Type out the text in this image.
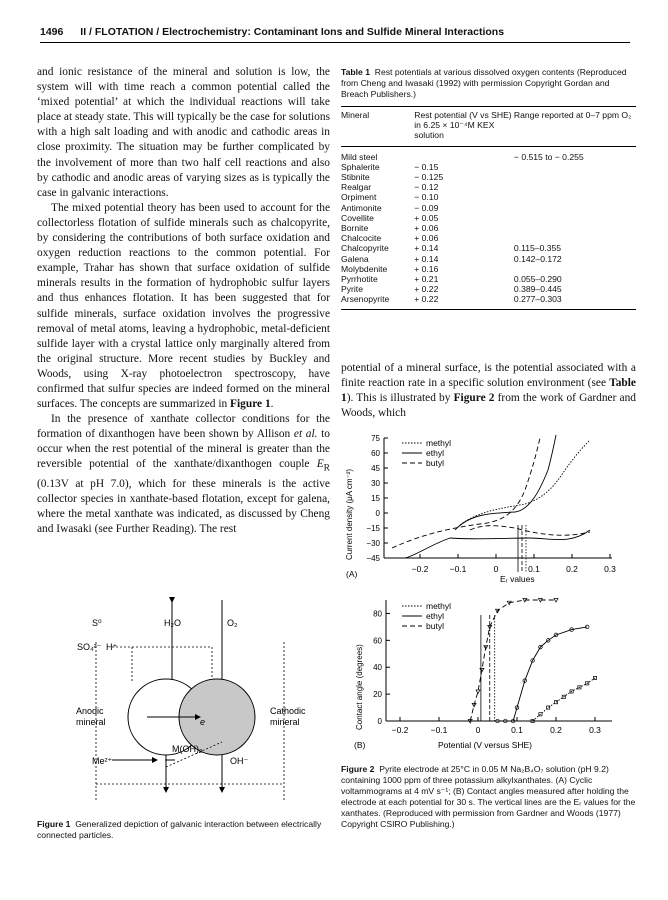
1496 II / FLOTATION / Electrochemistry: Contaminant Ions and Sulfide Mineral Interactions

and ionic resistance of the mineral and solution is low, the system will with time reach a common potential called the ‘mixed potential’ at which the individual reactions will take place at steady state. This will typically be the case for solutions with a high salt loading and with anodic and cathodic areas in close proximity. The situation may be further complicated by the involvement of more than two half cell reactions and also by cathodic and anodic areas of varying sizes as is typically the case in galvanic interactions.

The mixed potential theory has been used to account for the collectorless flotation of sulfide minerals such as chalcopyrite, by considering the contributions of both surface oxidation and oxygen reduction reactions to the common potential. For example, Trahar has shown that surface oxidation of sulfide minerals results in the formation of hydrophobic sulfur layers and thus enhances flotation. It has been suggested that for sulfide minerals, surface oxidation involves the progressive removal of metal atoms, leaving a hydrophobic, metal-deficient sulfide layer with a crystal lattice only marginally altered from the original structure. More recent studies by Buckley and Woods, using X-ray photoelectron spectroscopy, have confirmed that sulfur species are indeed formed on the mineral surfaces. The concepts are summarized in Figure 1.

In the presence of xanthate collector conditions for the formation of dixanthogen have been shown by Allison et al. to occur when the rest potential of the mineral is greater than the reversible potential of the xanthate/dixanthogen couple $E_R$ (0.13V at pH 7.0), which for these minerals is the active collector species in xanthate-based flotation, except for galena, where the metal xanthate was indicated, as discussed by Cheng and Iwasaki (see Further Reading). The rest

Table 1 Rest potentials at various dissolved oxygen contents (Reproduced from Cheng and Iwasaki (1992) with permission Copyright Gordan and Breach Publishers.)
Mineral	Rest potential (V vs SHE) in 6.25 × 10⁻⁴M KEX solution	Range reported at 0–7 ppm O₂
Mild steel		− 0.515 to − 0.255
Sphalerite	− 0.15	
Stibnite	− 0.125	
Realgar	− 0.12	
Orpiment	− 0.10	
Antimonite	− 0.09	
Covellite	+ 0.05	
Bornite	+ 0.06	
Chalcocite	+ 0.06	
Chalcopyrite	+ 0.14	0.115–0.355
Galena	+ 0.14	0.142–0.172
Molybdenite	+ 0.16	
Pyrrhotite	+ 0.21	0.055–0.290
Pyrite	+ 0.22	0.389–0.445
Arsenopyrite	+ 0.22	0.277–0.303

potential of a mineral surface, is the potential associated with a finite reaction rate in a specific solution environment (see Table 1). This is illustrated by Figure 2 from the work of Gardner and Woods, which

S⁰	H₂O	O₂
SO₄²⁻ H⁺
Anodic
mineral
Cathodic
mineral
e
Me²⁺
M(OH)₂
OH⁻
Figure 1 Generalized depiction of galvanic interaction between electrically connected particles.
75
60
45
30
15
0
−15
−30
−45
−0.2 −0.1	0	0.1	0.2	0.3
Current density (μA cm⁻²)
(A)	Eᵣ values
methyl
ethyl
butyl
80
60
40
20
0
−0.2	−0.1	0	0.1	0.2	0.3
Contact angle (degrees)
(B)	Potential (V versus SHE)
methyl
ethyl
butyl
Figure 2 Pyrite electrode at 25°C in 0.05 M Na₂B₄O₇ solution (pH 9.2) containing 1000 ppm of three potassium alkylxanthates. (A) Cyclic voltammograms at 4 mV s⁻¹; (B) Contact angles measured after holding the electrode at each potential for 30 s. The vertical lines are the Eᵣ values for the xanthates. (Reproduced with permission from Gardner and Woods (1977) Copyright CSIRO Publishing.)
